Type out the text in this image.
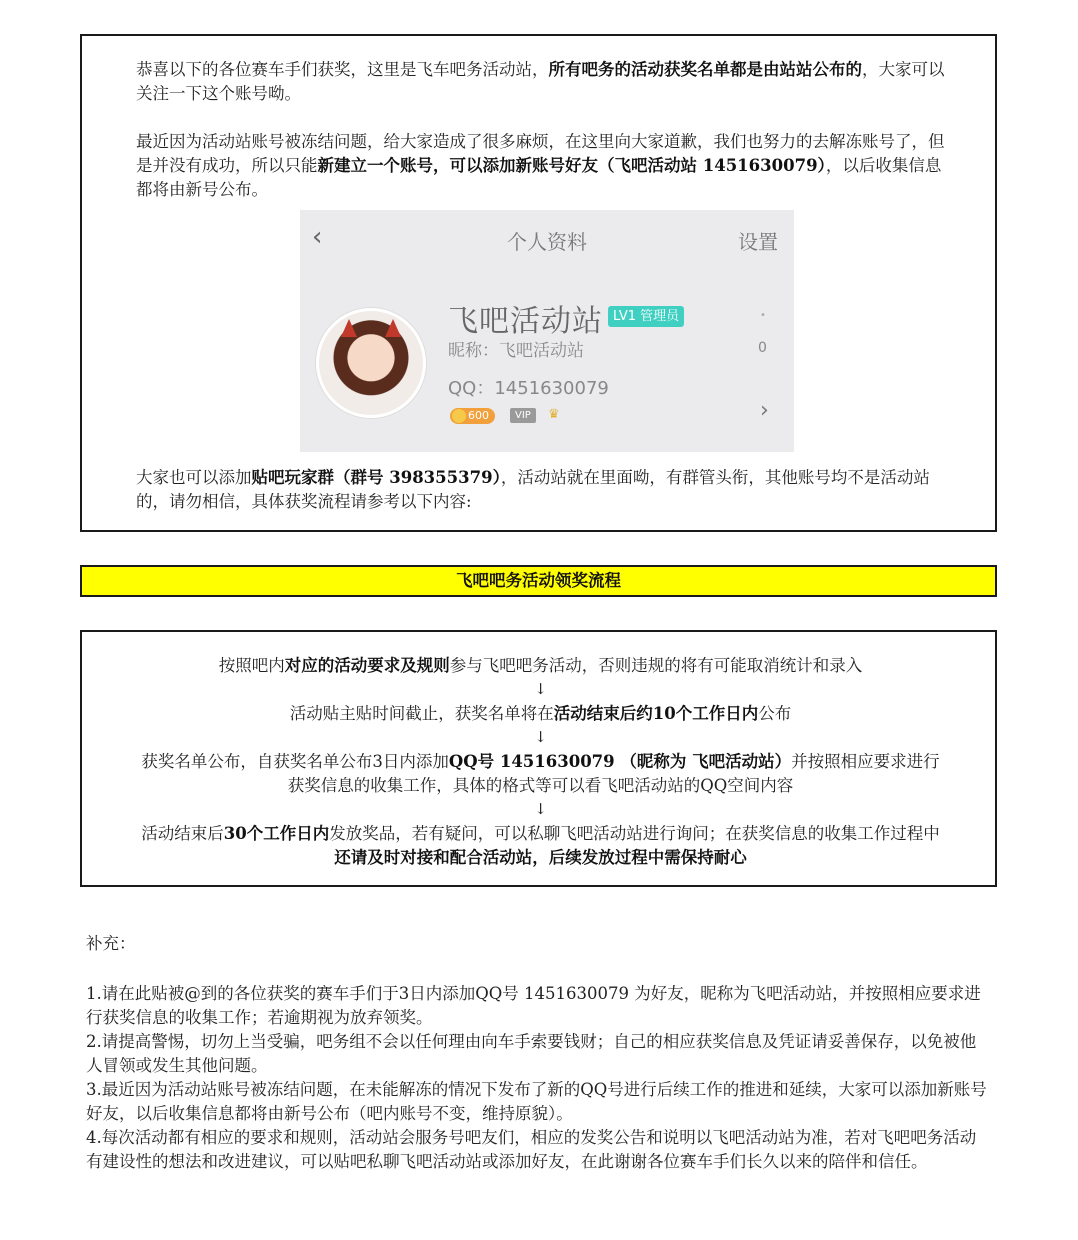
恭喜以下的各位赛车手们获奖，这里是飞车吧务活动站，所有吧务的活动获奖名单都是由站站公布的，大家可以关注一下这个账号呦。

最近因为活动站账号被冻结问题，给大家造成了很多麻烦，在这里向大家道歉，我们也努力的去解冻账号了，但是并没有成功，所以只能新建立一个账号，可以添加新账号好友（飞吧活动站 1451630079），以后收集信息都将由新号公布。

‹	个人资料	设置
飞吧活动站 LV1 管理员
昵称：飞吧活动站
QQ：1451630079
•
0
600	VIP	♛	›

大家也可以添加贴吧玩家群（群号 398355379），活动站就在里面呦，有群管头衔，其他账号均不是活动站的，请勿相信，具体获奖流程请参考以下内容:

飞吧吧务活动领奖流程

按照吧内对应的活动要求及规则参与飞吧吧务活动，否则违规的将有可能取消统计和录入

↓

活动贴主贴时间截止，获奖名单将在活动结束后约10个工作日内公布

↓

获奖名单公布，自获奖名单公布3日内添加QQ号 1451630079 （昵称为 飞吧活动站）并按照相应要求进行获奖信息的收集工作，具体的格式等可以看飞吧活动站的QQ空间内容

↓

活动结束后30个工作日内发放奖品，若有疑问，可以私聊飞吧活动站进行询问；在获奖信息的收集工作过程中还请及时对接和配合活动站，后续发放过程中需保持耐心

补充：

1.请在此贴被@到的各位获奖的赛车手们于3日内添加QQ号 1451630079 为好友，昵称为飞吧活动站，并按照相应要求进行获奖信息的收集工作；若逾期视为放弃领奖。

2.请提高警惕，切勿上当受骗，吧务组不会以任何理由向车手索要钱财；自己的相应获奖信息及凭证请妥善保存，以免被他人冒领或发生其他问题。

3.最近因为活动站账号被冻结问题，在未能解冻的情况下发布了新的QQ号进行后续工作的推进和延续，大家可以添加新账号好友，以后收集信息都将由新号公布（吧内账号不变，维持原貌）。

4.每次活动都有相应的要求和规则，活动站会服务号吧友们，相应的发奖公告和说明以飞吧活动站为准，若对飞吧吧务活动有建设性的想法和改进建议，可以贴吧私聊飞吧活动站或添加好友，在此谢谢各位赛车手们长久以来的陪伴和信任。
